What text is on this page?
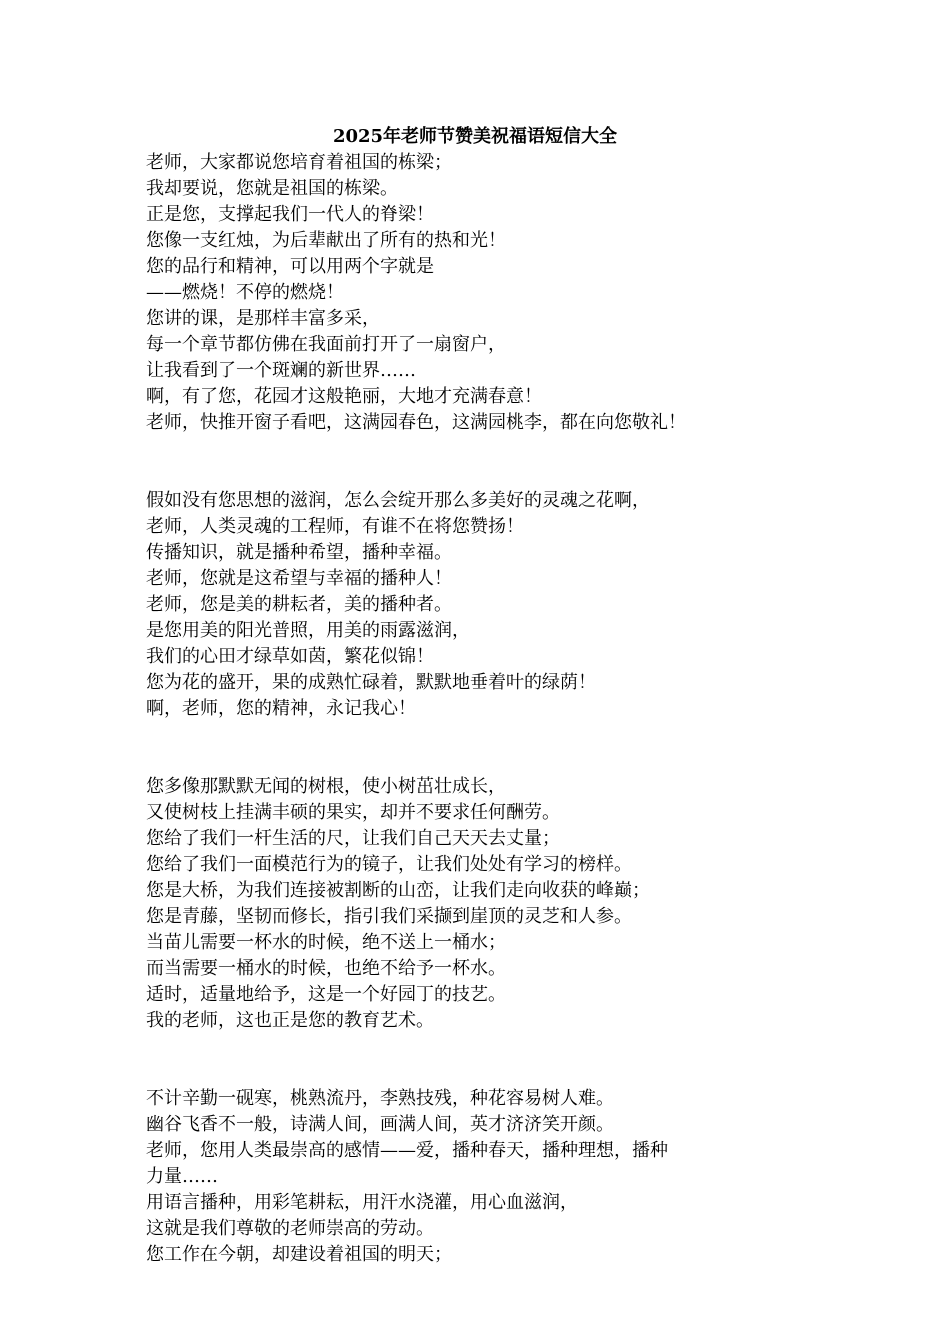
2025年老师节赞美祝福语短信大全
老师，大家都说您培育着祖国的栋梁；
我却要说，您就是祖国的栋梁。
正是您，支撑起我们一代人的脊梁！
您像一支红烛，为后辈献出了所有的热和光！
您的品行和精神，可以用两个字就是
——燃烧！不停的燃烧！
您讲的课，是那样丰富多采，
每一个章节都仿佛在我面前打开了一扇窗户，
让我看到了一个斑斓的新世界……
啊，有了您，花园才这般艳丽，大地才充满春意！
老师，快推开窗子看吧，这满园春色，这满园桃李，都在向您敬礼！
假如没有您思想的滋润，怎么会绽开那么多美好的灵魂之花啊，
老师，人类灵魂的工程师，有谁不在将您赞扬！
传播知识，就是播种希望，播种幸福。
老师，您就是这希望与幸福的播种人！
老师，您是美的耕耘者，美的播种者。
是您用美的阳光普照，用美的雨露滋润，
我们的心田才绿草如茵，繁花似锦！
您为花的盛开，果的成熟忙碌着，默默地垂着叶的绿荫！
啊，老师，您的精神，永记我心！
您多像那默默无闻的树根，使小树茁壮成长，
又使树枝上挂满丰硕的果实，却并不要求任何酬劳。
您给了我们一杆生活的尺，让我们自己天天去丈量；
您给了我们一面模范行为的镜子，让我们处处有学习的榜样。
您是大桥，为我们连接被割断的山峦，让我们走向收获的峰巅；
您是青藤，坚韧而修长，指引我们采撷到崖顶的灵芝和人参。
当苗儿需要一杯水的时候，绝不送上一桶水；
而当需要一桶水的时候，也绝不给予一杯水。
适时，适量地给予，这是一个好园丁的技艺。
我的老师，这也正是您的教育艺术。
不计辛勤一砚寒，桃熟流丹，李熟技残，种花容易树人难。
幽谷飞香不一般，诗满人间，画满人间，英才济济笑开颜。
老师，您用人类最崇高的感情——爱，播种春天，播种理想，播种
力量……
用语言播种，用彩笔耕耘，用汗水浇灌，用心血滋润，
这就是我们尊敬的老师崇高的劳动。
您工作在今朝，却建设着祖国的明天；
